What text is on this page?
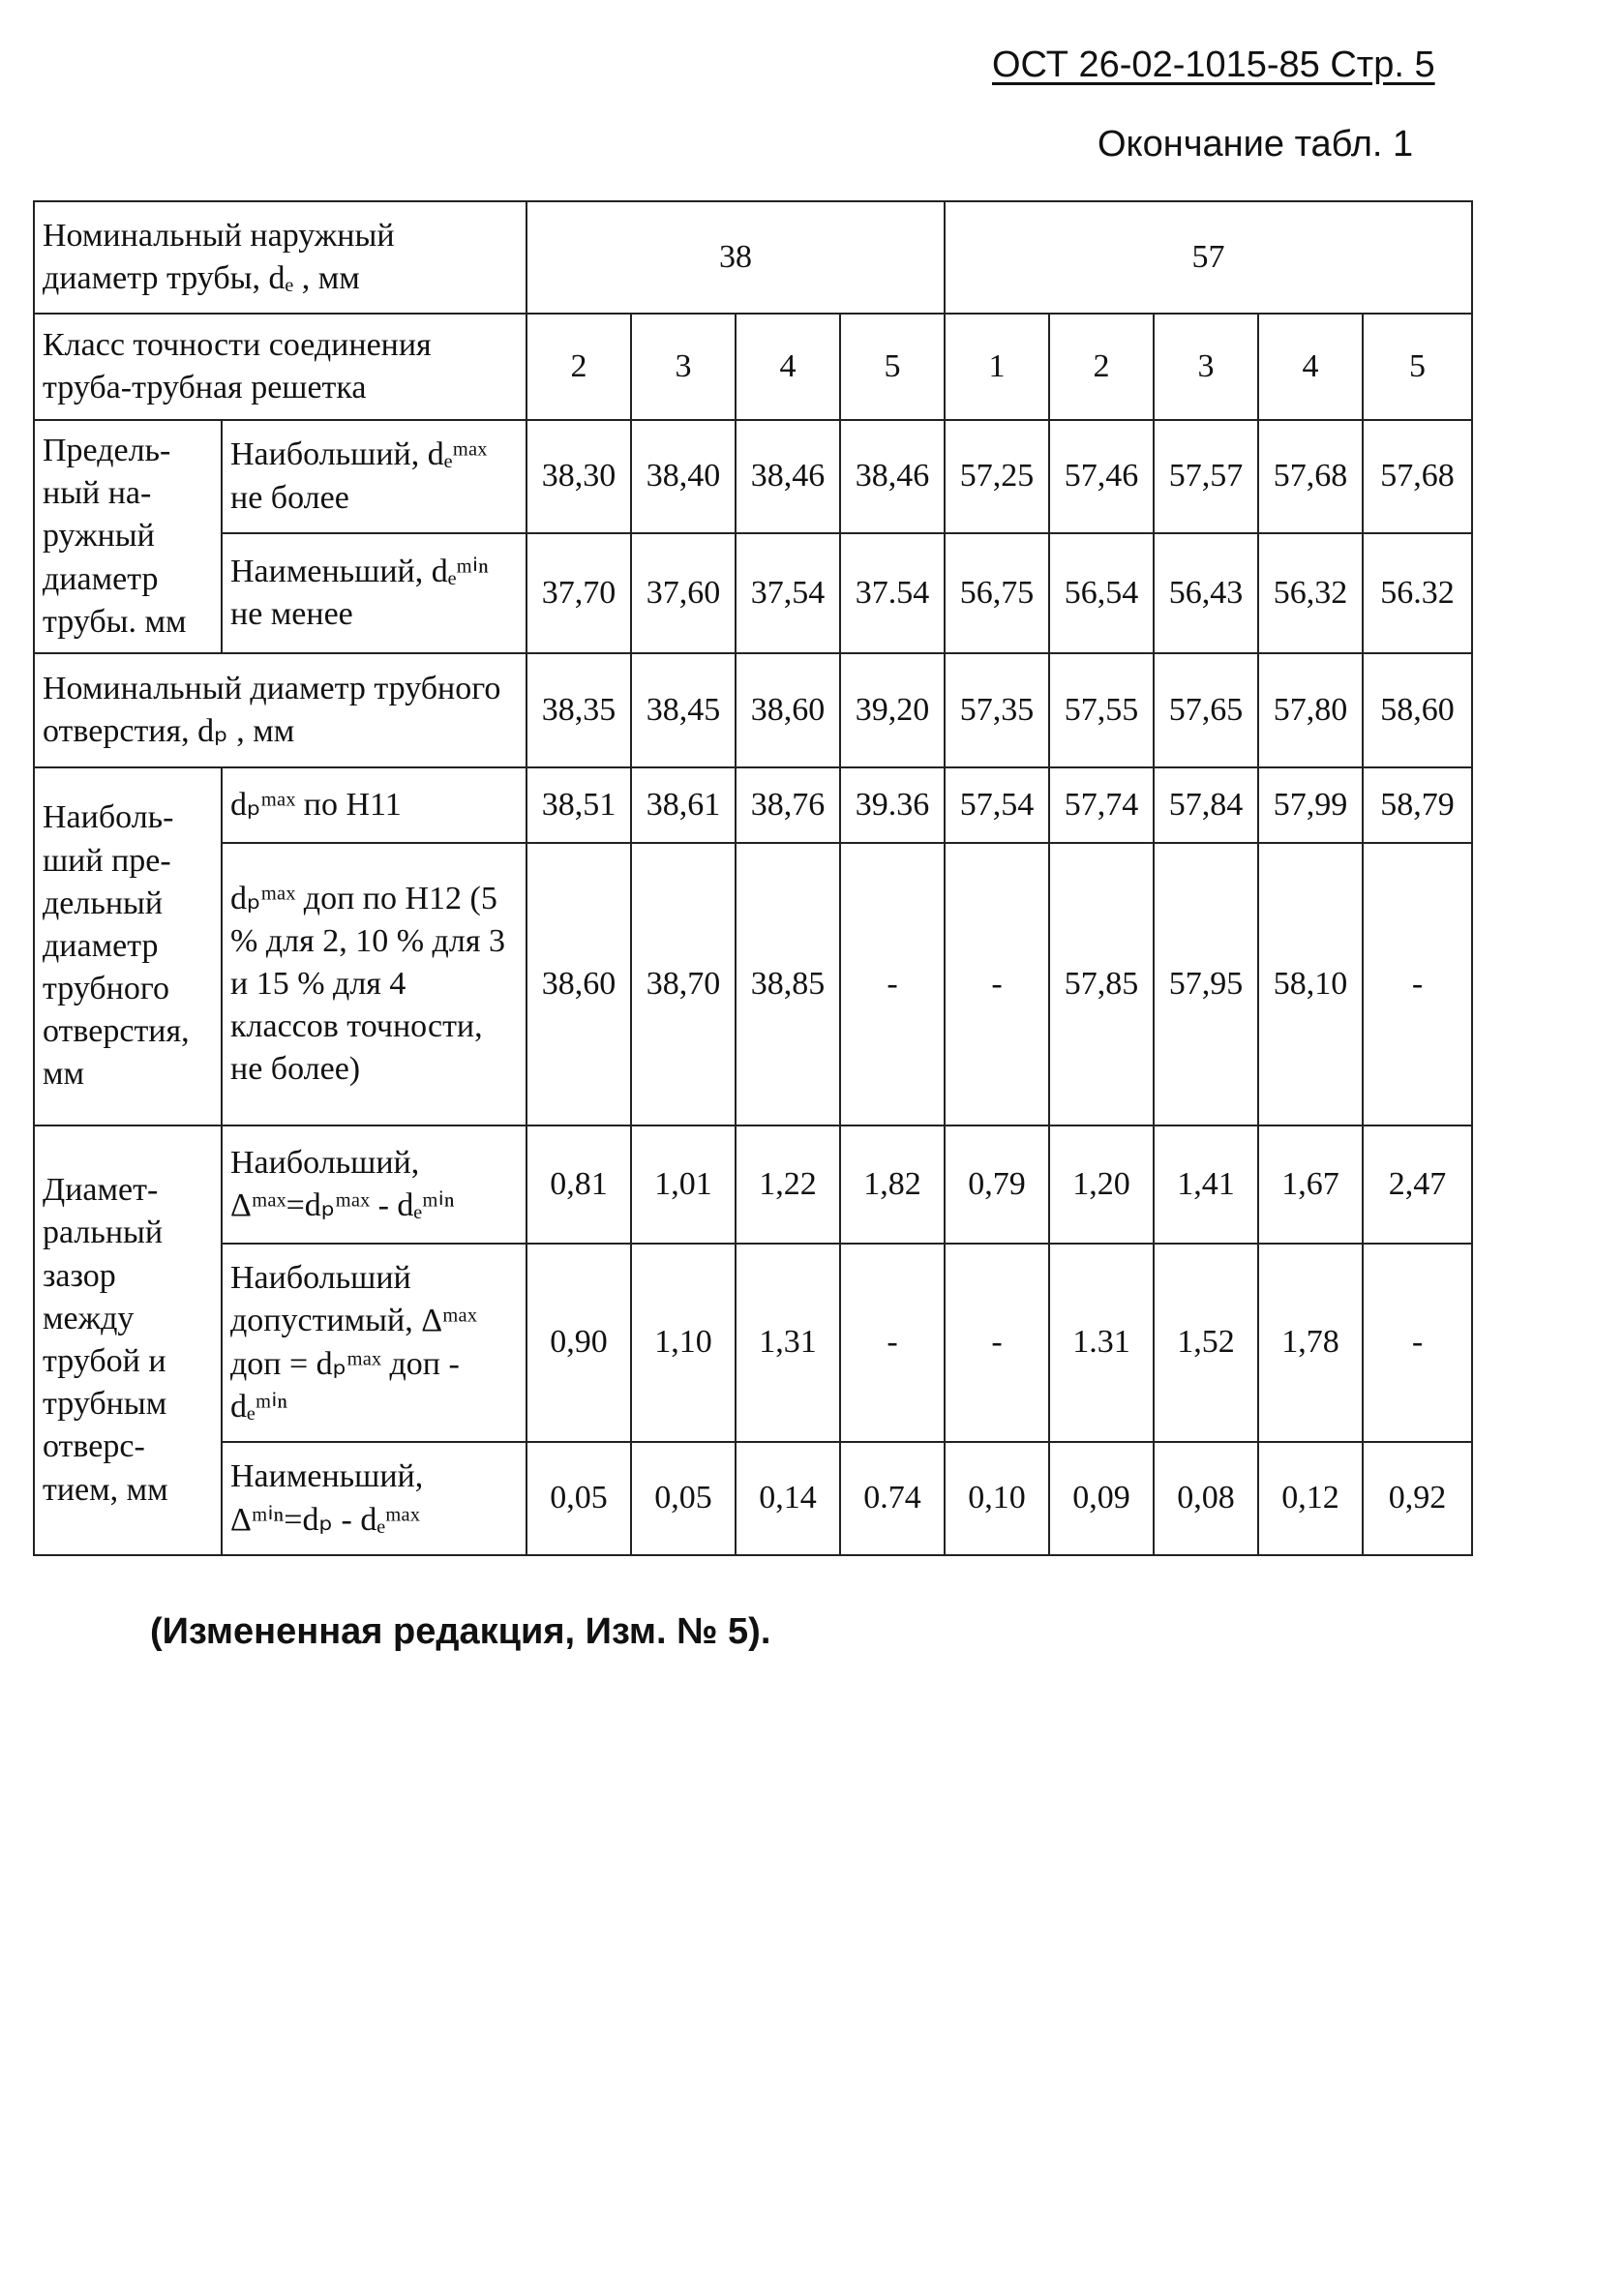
ОСТ 26-02-1015-85 Стр. 5
Окончание табл. 1
Номинальный наружный диаметр трубы, dₑ , мм		38				57				
Класс точности соединения труба-трубная решетка		2	3	4	5	1	2	3	4	5
Предель-ный на-ружный диаметр трубы. мм	Наибольший, dₑᵐᵃˣ не более	38,30	38,40	38,46	38,46	57,25	57,46	57,57	57,68	57,68
	Наименьший, dₑᵐⁱⁿ не менее	37,70	37,60	37,54	37.54	56,75	56,54	56,43	56,32	56.32
Номинальный диаметр трубного отверстия, dₚ , мм		38,35	38,45	38,60	39,20	57,35	57,55	57,65	57,80	58,60
Наиболь-ший пре-дельный диаметр трубного отверстия, мм	dₚᵐᵃˣ по H11	38,51	38,61	38,76	39.36	57,54	57,74	57,84	57,99	58,79
	dₚᵐᵃˣ доп по H12 (5 % для 2, 10 % для 3 и 15 % для 4 классов точности, не более)	38,60	38,70	38,85	-	-	57,85	57,95	58,10	-
Диамет-ральный зазор между трубой и трубным отверс-тием, мм	Наибольший, Δᵐᵃˣ=dₚᵐᵃˣ - dₑᵐⁱⁿ	0,81	1,01	1,22	1,82	0,79	1,20	1,41	1,67	2,47
	Наибольший допустимый, Δᵐᵃˣ доп = dₚᵐᵃˣ доп - dₑᵐⁱⁿ	0,90	1,10	1,31	-	-	1.31	1,52	1,78	-
	Наименьший, Δᵐⁱⁿ=dₚ - dₑᵐᵃˣ	0,05	0,05	0,14	0.74	0,10	0,09	0,08	0,12	0,92
(Измененная редакция, Изм. № 5).
